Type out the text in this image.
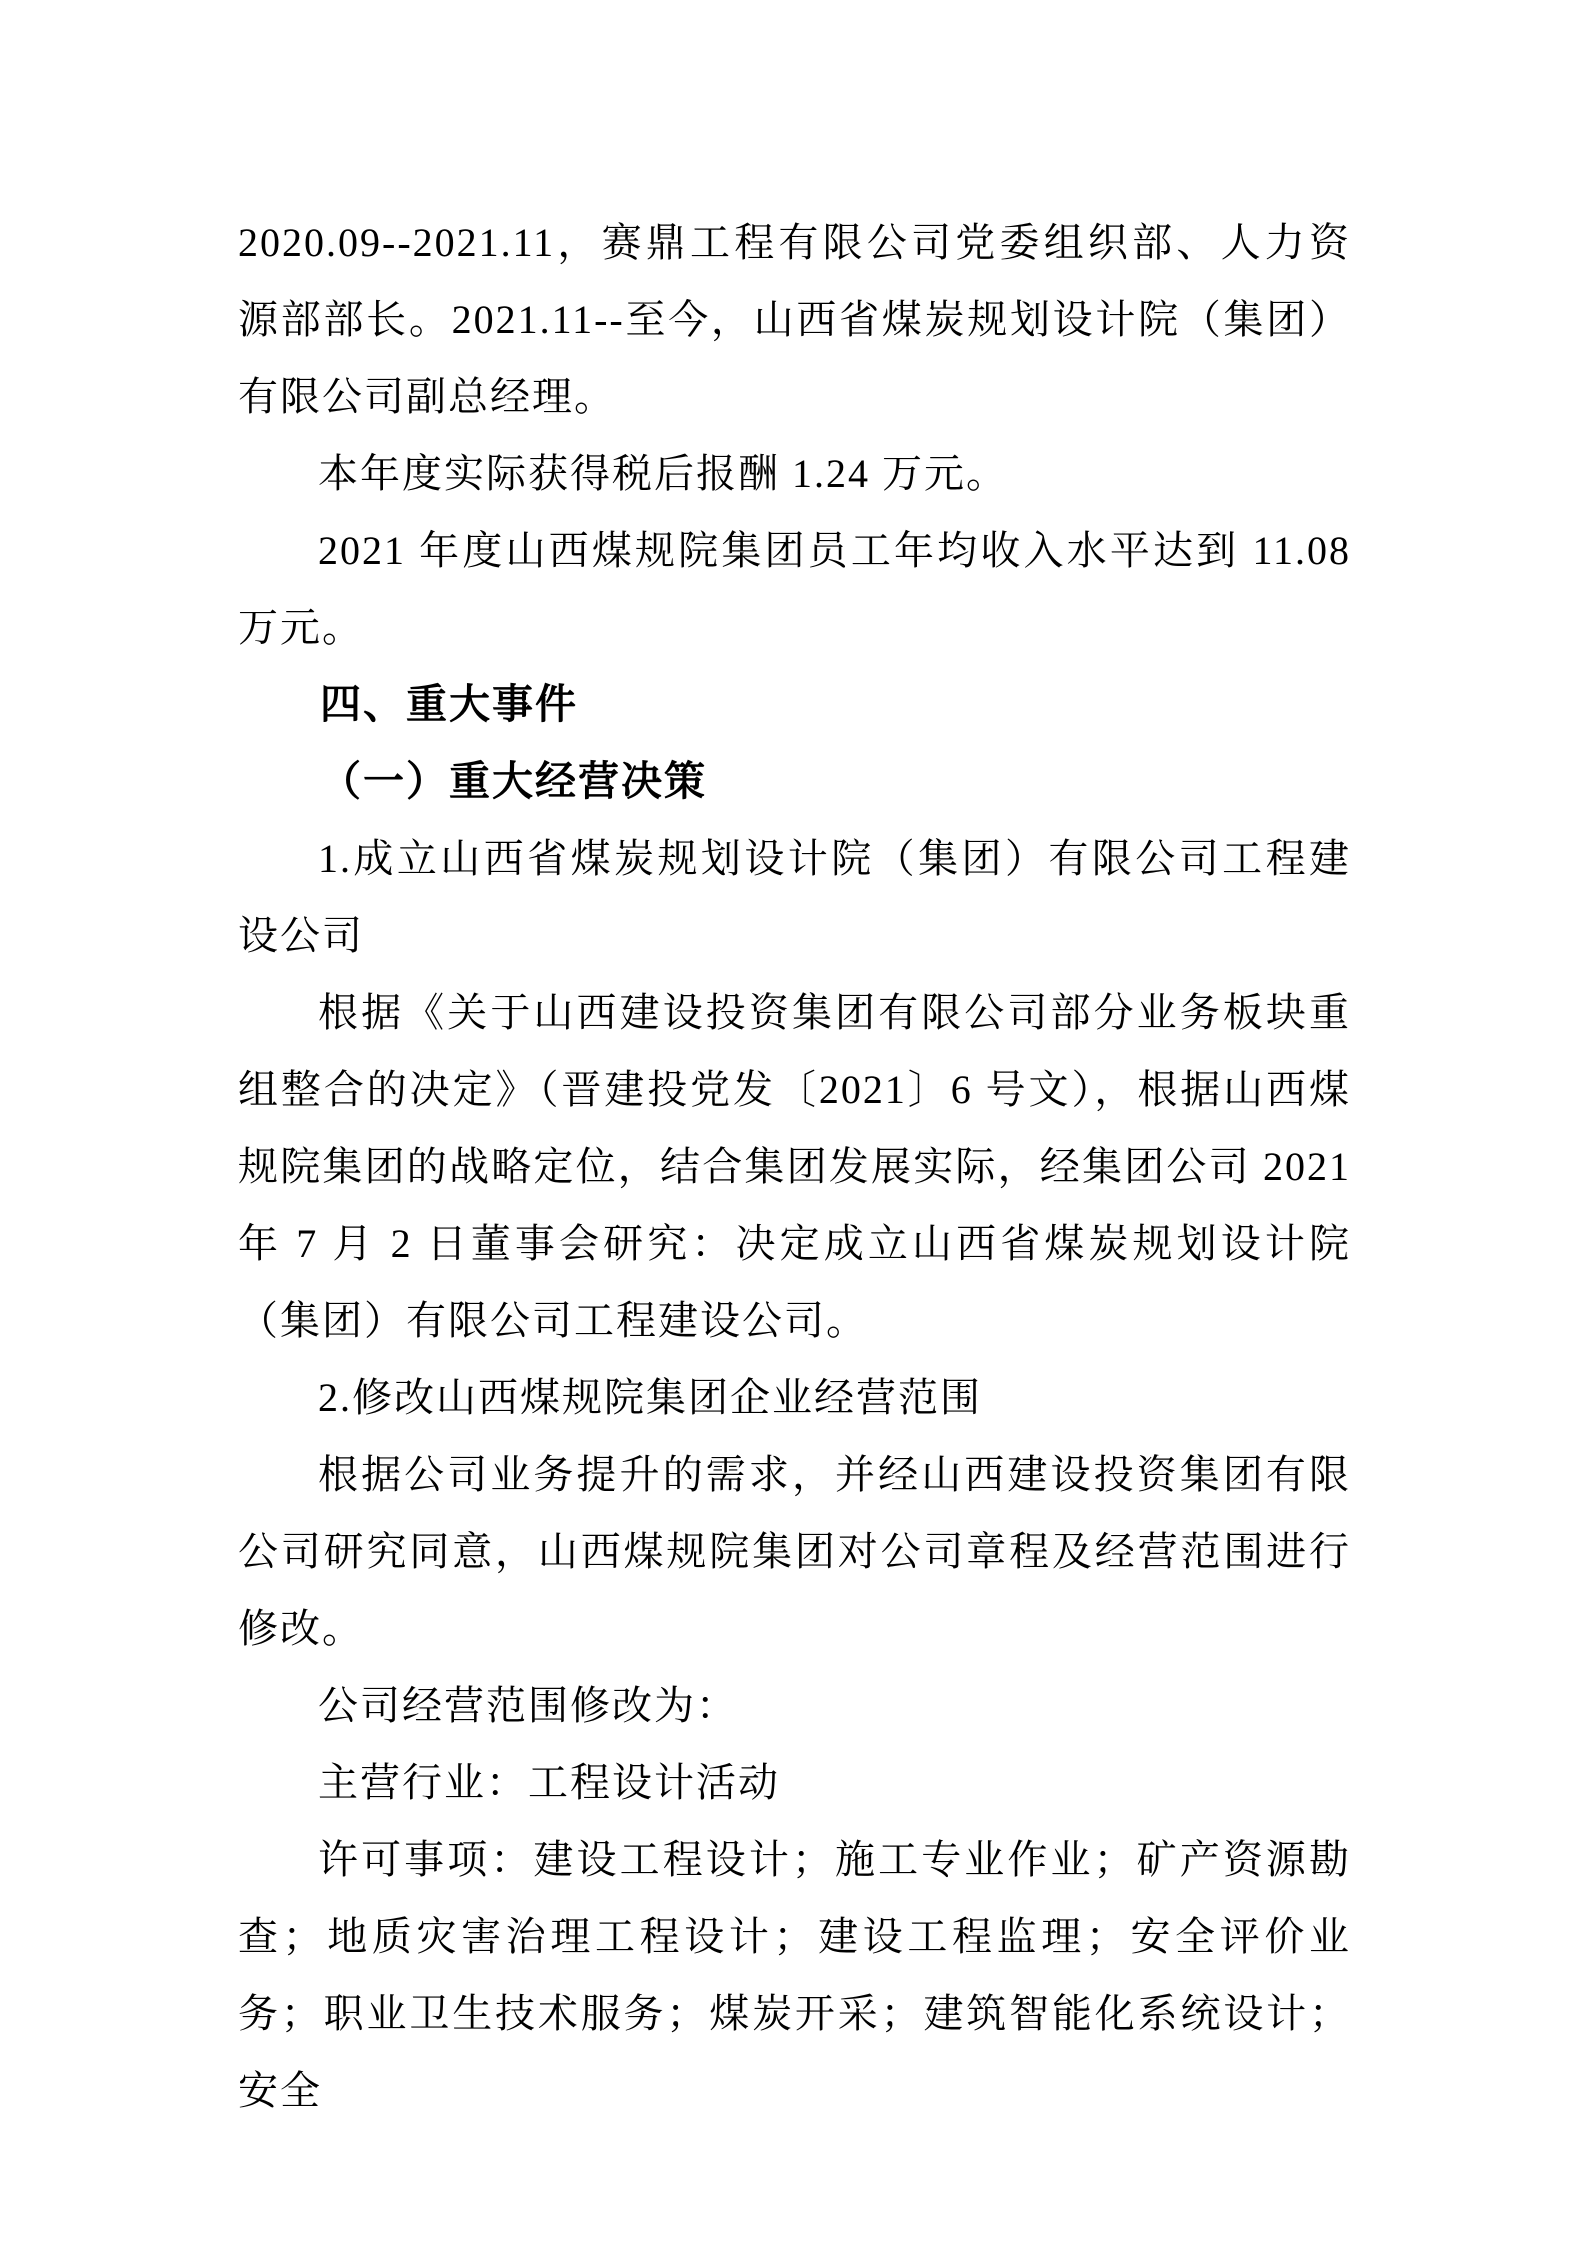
2020.09--2021.11，赛鼎工程有限公司党委组织部、人力资源部部长。2021.11--至今，山西省煤炭规划设计院（集团）有限公司副总经理。

本年度实际获得税后报酬 1.24 万元。

2021 年度山西煤规院集团员工年均收入水平达到 11.08 万元。

四、重大事件

（一）重大经营决策

1.成立山西省煤炭规划设计院（集团）有限公司工程建设公司

根据《关于山西建设投资集团有限公司部分业务板块重组整合的决定》（晋建投党发〔2021〕6 号文），根据山西煤规院集团的战略定位，结合集团发展实际，经集团公司 2021 年 7 月 2 日董事会研究：决定成立山西省煤炭规划设计院（集团）有限公司工程建设公司。

2.修改山西煤规院集团企业经营范围

根据公司业务提升的需求，并经山西建设投资集团有限公司研究同意，山西煤规院集团对公司章程及经营范围进行修改。

公司经营范围修改为：

主营行业：工程设计活动

许可事项：建设工程设计；施工专业作业；矿产资源勘查；地质灾害治理工程设计；建设工程监理；安全评价业务；职业卫生技术服务；煤炭开采；建筑智能化系统设计；安全
